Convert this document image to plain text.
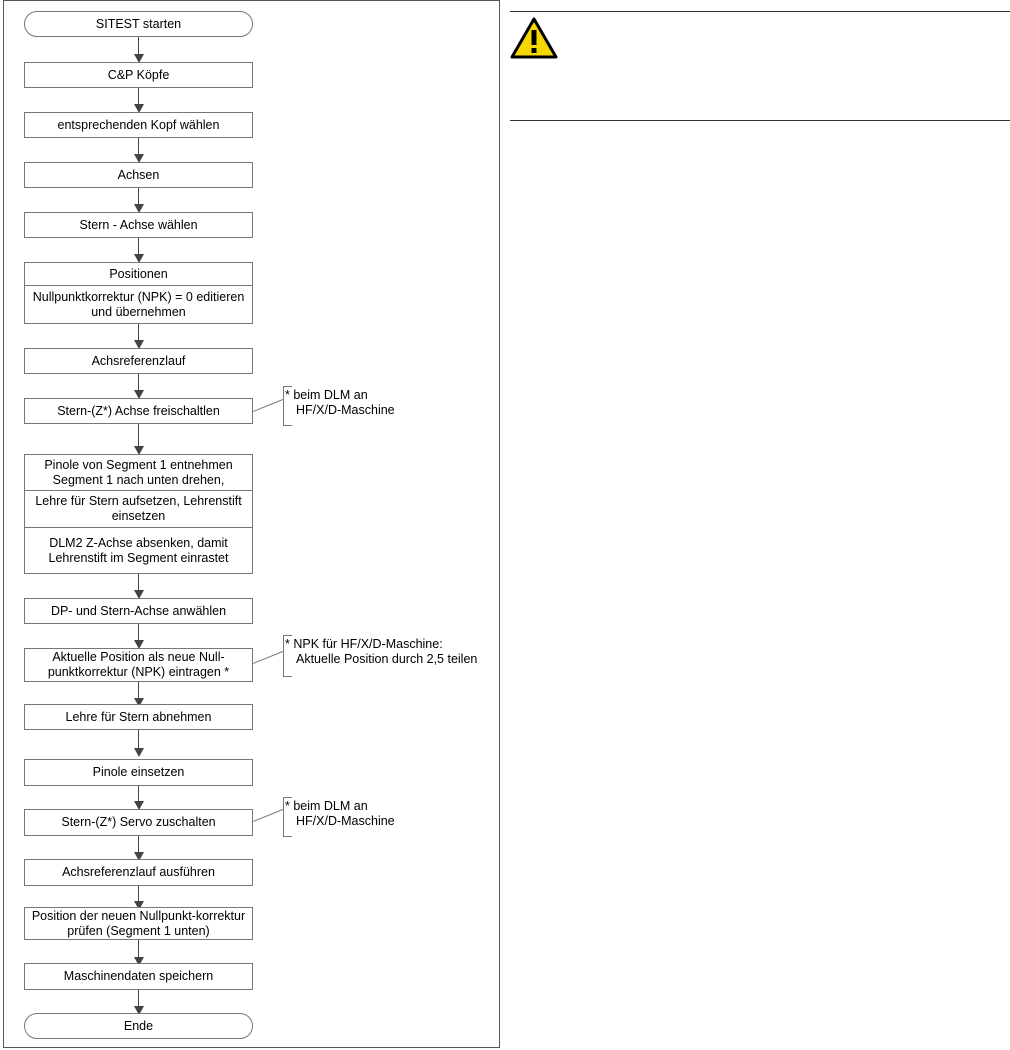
SITEST starten
C&P Köpfe
entsprechenden Kopf wählen
Achsen
Stern - Achse wählen
Positionen
Nullpunktkorrektur (NPK) = 0 editieren
und übernehmen
Achsreferenzlauf
Stern-(Z*) Achse freischaltlen
Pinole von Segment 1 entnehmen
Segment 1 nach unten drehen,
Lehre für Stern aufsetzen, Lehrenstift
einsetzen
DLM2 Z-Achse absenken, damit
Lehrenstift im Segment einrastet
DP- und Stern-Achse anwählen
Aktuelle Position als neue Null-
punktkorrektur (NPK) eintragen *
Lehre für Stern abnehmen
Pinole einsetzen
Stern-(Z*) Servo zuschalten
Achsreferenzlauf ausführen
Position der neuen Nullpunkt-korrektur
prüfen (Segment 1 unten)
Maschinendaten speichern
Ende
* beim DLM an
HF/X/D-Maschine
* NPK für HF/X/D-Maschine:
Aktuelle Position durch 2,5 teilen
* beim DLM an
HF/X/D-Maschine
